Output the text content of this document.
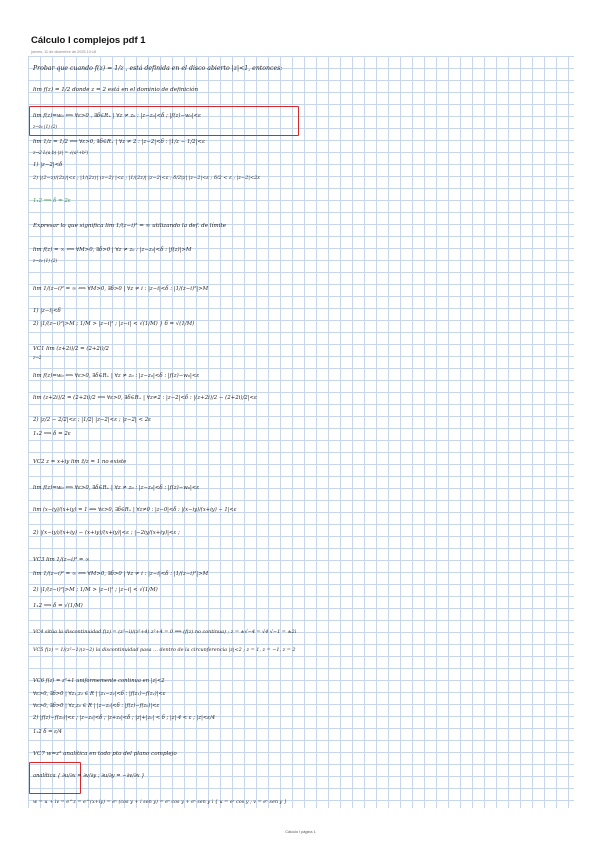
Cálculo I complejos pdf 1
jueves, 11 de diciembre de 2025 10:18

Probar que cuando f(z) = 1/z , está definida en el disco abierto |z|<1, entonces:

lim f(z) = 1/2 donde z = 2 está en el dominio de definición

lim f(z)=w₀ ⟺ ∀ε>0 , ∃δ∈R₊ | ∀z ≠ z₀ : |z−z₀|<δ ; |f(z)−w₀|<ε

z→z₀ (1) (2)

lim 1/z = 1/2 ⟺ ∀ε>0, ∃δ∈R₊ | ∀z ≠ 2 : |z−2|<δ : |1/z − 1/2|<ε

z→2 L(a,b) |z| = √(a²+b²)

1) |z−2|<δ

2) |(2−z)/(2z)|<ε ; |1/(2z)| (z−2) |<ε ; |1/(2z)| |z−2|<ε ; δ/2|z| |z−2|<ε ; δ/2 < ε ; |z−2|<2ε

1₁2 ⟹ δ = 2ε

Expresar lo que significa lim 1/(z−i)² = ∞ utilizando la def. de límite

lim f(z) = ∞ ⟺ ∀M>0, ∃δ>0 | ∀z ≠ z₀ : |z−z₀|<δ : |f(z)|>M

z→z₀ (1) (2)

lim 1/(z−i)² = ∞ ⟺ ∀M>0, ∃δ>0 | ∀z ≠ i : |z−i|<δ : |1/(z−i)²|>M

1) |z−i|<δ

2) |1/(z−i)²|>M ; 1/M > |z−i|² ; |z−i| < √(1/M) } δ = √(1/M)

VC1 lim (z+2i)/2 = (2+2i)/2

z→2

lim f(z)=w₀ ⟺ ∀ε>0, ∃δ∈R₊ | ∀z ≠ z₀ : |z−z₀|<δ : |f(z)−w₀|<ε

lim (z+2i)/2 = (2+2i)/2 ⟺ ∀ε>0, ∃δ∈R₊ | ∀z≠2 : |z−2|<δ : |(z+2i)/2 − (2+2i)/2|<ε

2) |z/2 − 2/2|<ε ; |1/2| |z−2|<ε ; |z−2| < 2ε

1₁2 ⟹ δ = 2ε

VC2 z = x+iy lim z̄/z = 1 no existe

lim f(z)=w₀ ⟺ ∀ε>0, ∃δ∈R₊ | ∀z ≠ z₀ : |z−z₀|<δ : |f(z)−w₀|<ε

lim (x−iy)/(x+iy) = 1 ⟺ ∀ε>0, ∃δ∈R₊ | ∀z≠0 : |z−0|<δ : |(x−iy)/(x+iy) − 1|<ε

2) |(x−iy)/(x+iy) − (x+iy)/(x+iy)|<ε ; |−2iy/(x+iy)|<ε ;

VC3 lim 1/(z−i)² = ∞

lim 1/(z−i)² = ∞ ⟺ ∀M>0, ∃δ>0 | ∀z ≠ i : |z−i|<δ : |1/(z−i)²|>M

2) |1/(z−i)²|>M ; 1/M > |z−i|² ; |z−i| < √(1/M)

1₁2 ⟹ δ = √(1/M)

VC4 sitúa la discontinuidad f(z) = (z²−i)/(z²+4) z²+4 = 0 ⟹ (f(z) no continua) ; z = ±√−4 = √4 √−1 = ±2i

VC5 f(z) = 1/(z²−1)(z−2) la discontinuidad pasa … dentro de la circunferencia |z|<2 ; z = 1, z = −1, z = 2

VC6 f(z) = z²+1 uniformemente continua en |z|<2

∀ε>0, ∃δ>0 | ∀z₁,z₂ ∈ R | |z₁−z₂|<δ : |f(z₁)−f(z₂)|<ε

∀ε>0, ∃δ>0 | ∀z,z₀ ∈ R | |z−z₀|<δ : |f(z)−f(z₀)|<ε

2) |f(z)−f(z₀)|<ε ; |z−z₀|<δ ; |z+z₀|<δ ; |z|+|z₀| < δ ; |z|·4 < ε ; |z|<ε/4

1₁2 δ = ε/4

VC7 w=z² analítica en todo pto del plano complejo

analítica { ∂u/∂x = ∂v/∂y ; ∂u/∂y = −∂v/∂x }

w = u + iv = e^z = e^(x+iy) = eˣ (cos y + i sen y) = eˣ cos y + eˣ sen y i { u = eˣ cos y ; v = eˣ sen y }

Cálculo I página 1
